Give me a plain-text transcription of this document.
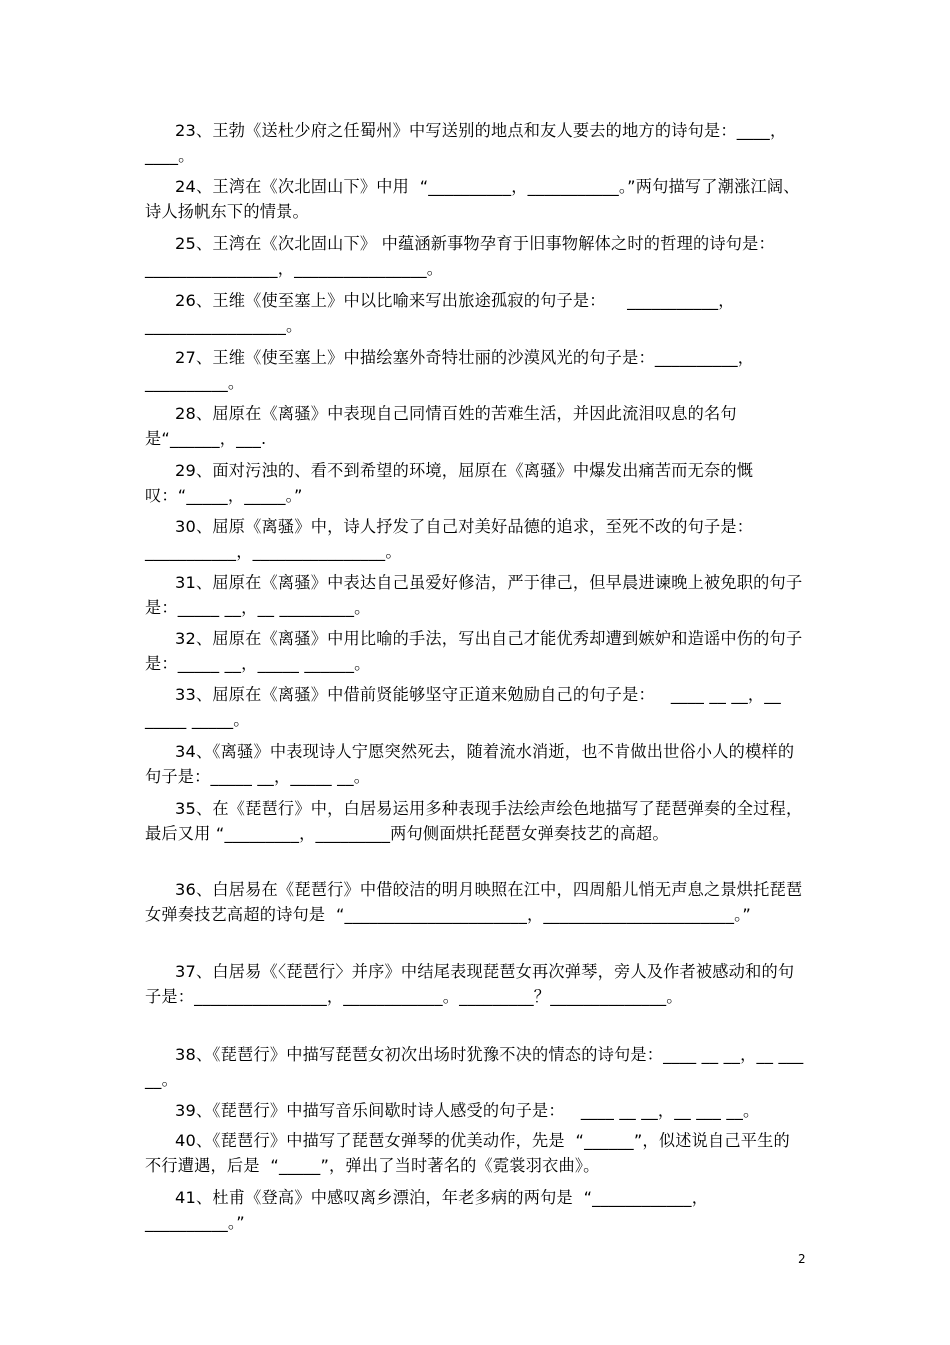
23、王勃《送杜少府之任蜀州》中写送别的地点和友人要去的地方的诗句是：____，____。
24、王湾在《次北固山下》中用  “__________，___________。”两句描写了潮涨江阔、诗人扬帆东下的情景。
25、王湾在《次北固山下》 中蕴涵新事物孕育于旧事物解体之时的哲理的诗句是：________________，________________。
26、王维《使至塞上》中以比喻来写出旅途孤寂的句子是：    ___________，_________________。
27、王维《使至塞上》中描绘塞外奇特壮丽的沙漠风光的句子是：__________，__________。
28、屈原在《离骚》中表现自己同情百姓的苦难生活，并因此流泪叹息的名句是“______，___.
29、面对污浊的、看不到希望的环境，屈原在《离骚》中爆发出痛苦而无奈的慨叹：“_____，_____。”
30、屈原《离骚》中，诗人抒发了自己对美好品德的追求，至死不改的句子是：___________，________________。
31、屈原在《离骚》中表达自己虽爱好修洁，严于律己，但早晨进谏晚上被免职的句子是：_____ __，__ _________。
32、屈原在《离骚》中用比喻的手法，写出自己才能优秀却遭到嫉妒和造谣中伤的句子是：_____ __，_____ ______。
33、屈原在《离骚》中借前贤能够坚守正道来勉励自己的句子是：   ____ __ __，__ _____ _____。
34、《离骚》中表现诗人宁愿突然死去，随着流水消逝，也不肯做出世俗小人的模样的句子是：_____ __，_____ __。
35、在《琵琶行》中，白居易运用多种表现手法绘声绘色地描写了琵琶弹奏的全过程，最后又用 “_________，_________两句侧面烘托琵琶女弹奏技艺的高超。
36、白居易在《琵琶行》中借皎洁的明月映照在江中，四周船儿悄无声息之景烘托琵琶女弹奏技艺高超的诗句是  “______________________，_______________________。”
37、白居易《〈琵琶行〉并序》中结尾表现琵琶女再次弹琴，旁人及作者被感动和的句子是：________________，____________。_________？______________。
38、《琵琶行》中描写琵琶女初次出场时犹豫不决的情态的诗句是：____ __ __，__ ___ __。
39、《琵琶行》中描写音乐间歇时诗人感受的句子是：   ____ __ __，__ ___ __。
40、《琵琶行》中描写了琵琶女弹琴的优美动作，先是  “______”，似述说自己平生的不行遭遇，后是  “_____”，弹出了当时著名的《霓裳羽衣曲》。
41、杜甫《登高》中感叹离乡漂泊，年老多病的两句是  “____________，__________。”
2
